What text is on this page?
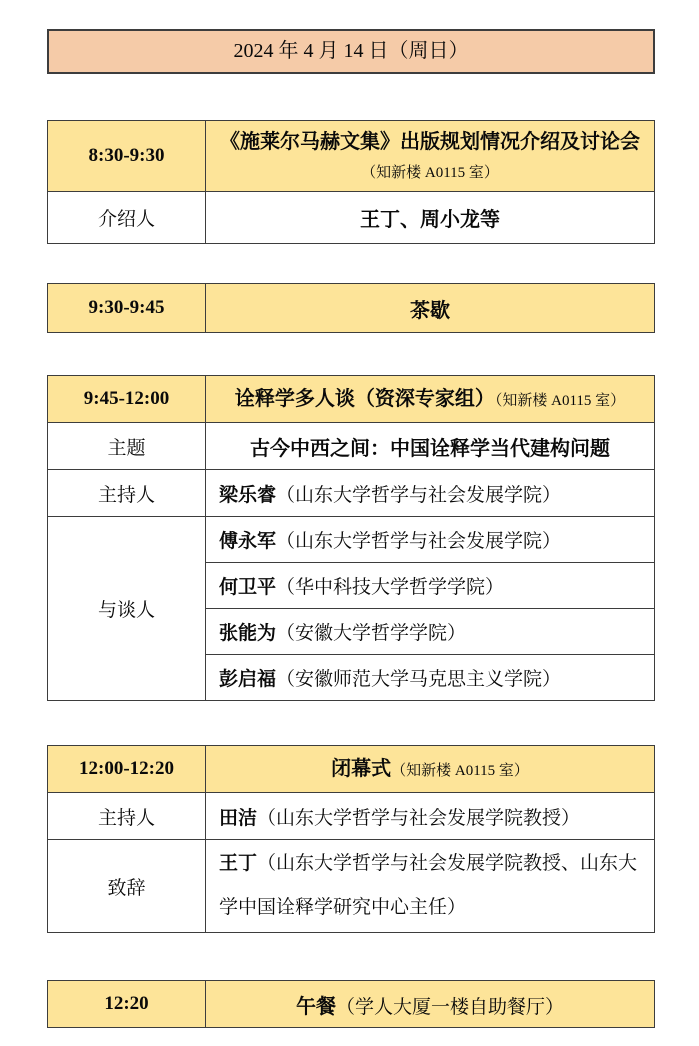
2024 年 4 月 14 日（周日）
8:30-9:30	《施莱尔马赫文集》出版规划情况介绍及讨论会
（知新楼 A0115 室）

介绍人	王丁、周小龙等
9:30-9:45	茶歇
9:45-12:00	诠释学多人谈（资深专家组）（知新楼 A0115 室）
主题	古今中西之间：中国诠释学当代建构问题
主持人	梁乐睿（山东大学哲学与社会发展学院）
与谈人	傅永军（山东大学哲学与社会发展学院）
	何卫平（华中科技大学哲学学院）
	张能为（安徽大学哲学学院）
	彭启福（安徽师范大学马克思主义学院）
12:00-12:20	闭幕式（知新楼 A0115 室）
主持人	田洁（山东大学哲学与社会发展学院教授）
致辞	王丁（山东大学哲学与社会发展学院教授、山东大学中国诠释学研究中心主任）
12:20	午餐（学人大厦一楼自助餐厅）
